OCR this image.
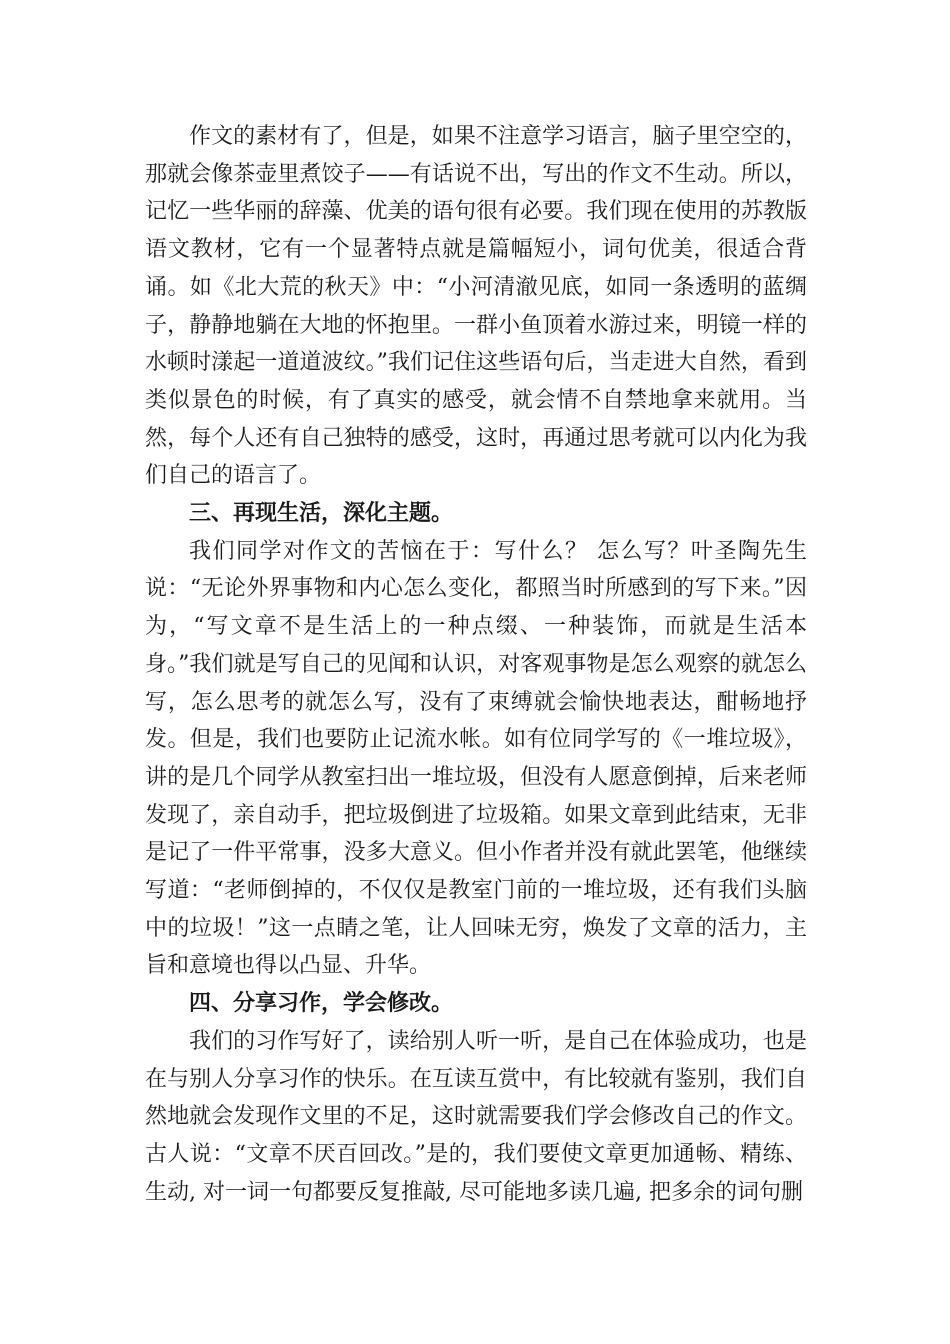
作文的素材有了，但是，如果不注意学习语言，脑子里空空的，那就会像茶壶里煮饺子——有话说不出，写出的作文不生动。所以，记忆一些华丽的辞藻、优美的语句很有必要。我们现在使用的苏教版语文教材，它有一个显著特点就是篇幅短小，词句优美，很适合背诵。如《北大荒的秋天》中：“小河清澈见底，如同一条透明的蓝绸子，静静地躺在大地的怀抱里。一群小鱼顶着水游过来，明镜一样的水顿时漾起一道道波纹。”我们记住这些语句后，当走进大自然，看到类似景色的时候，有了真实的感受，就会情不自禁地拿来就用。当然，每个人还有自己独特的感受，这时，再通过思考就可以内化为我们自己的语言了。

三、再现生活，深化主题。

我们同学对作文的苦恼在于：写什么？ 怎么写？叶圣陶先生说：“无论外界事物和内心怎么变化，都照当时所感到的写下来。”因为，“写文章不是生活上的一种点缀、一种装饰，而就是生活本身。”我们就是写自己的见闻和认识，对客观事物是怎么观察的就怎么写，怎么思考的就怎么写，没有了束缚就会愉快地表达，酣畅地抒发。但是，我们也要防止记流水帐。如有位同学写的《一堆垃圾》，讲的是几个同学从教室扫出一堆垃圾，但没有人愿意倒掉，后来老师发现了，亲自动手，把垃圾倒进了垃圾箱。如果文章到此结束，无非是记了一件平常事，没多大意义。但小作者并没有就此罢笔，他继续写道：“老师倒掉的，不仅仅是教室门前的一堆垃圾，还有我们头脑中的垃圾！”这一点睛之笔，让人回味无穷，焕发了文章的活力，主旨和意境也得以凸显、升华。

四、分享习作，学会修改。

我们的习作写好了，读给别人听一听，是自己在体验成功，也是在与别人分享习作的快乐。在互读互赏中，有比较就有鉴别，我们自然地就会发现作文里的不足，这时就需要我们学会修改自己的作文。古人说：“文章不厌百回改。”是的，我们要使文章更加通畅、精练、生动, 对一词一句都要反复推敲, 尽可能地多读几遍, 把多余的词句删
